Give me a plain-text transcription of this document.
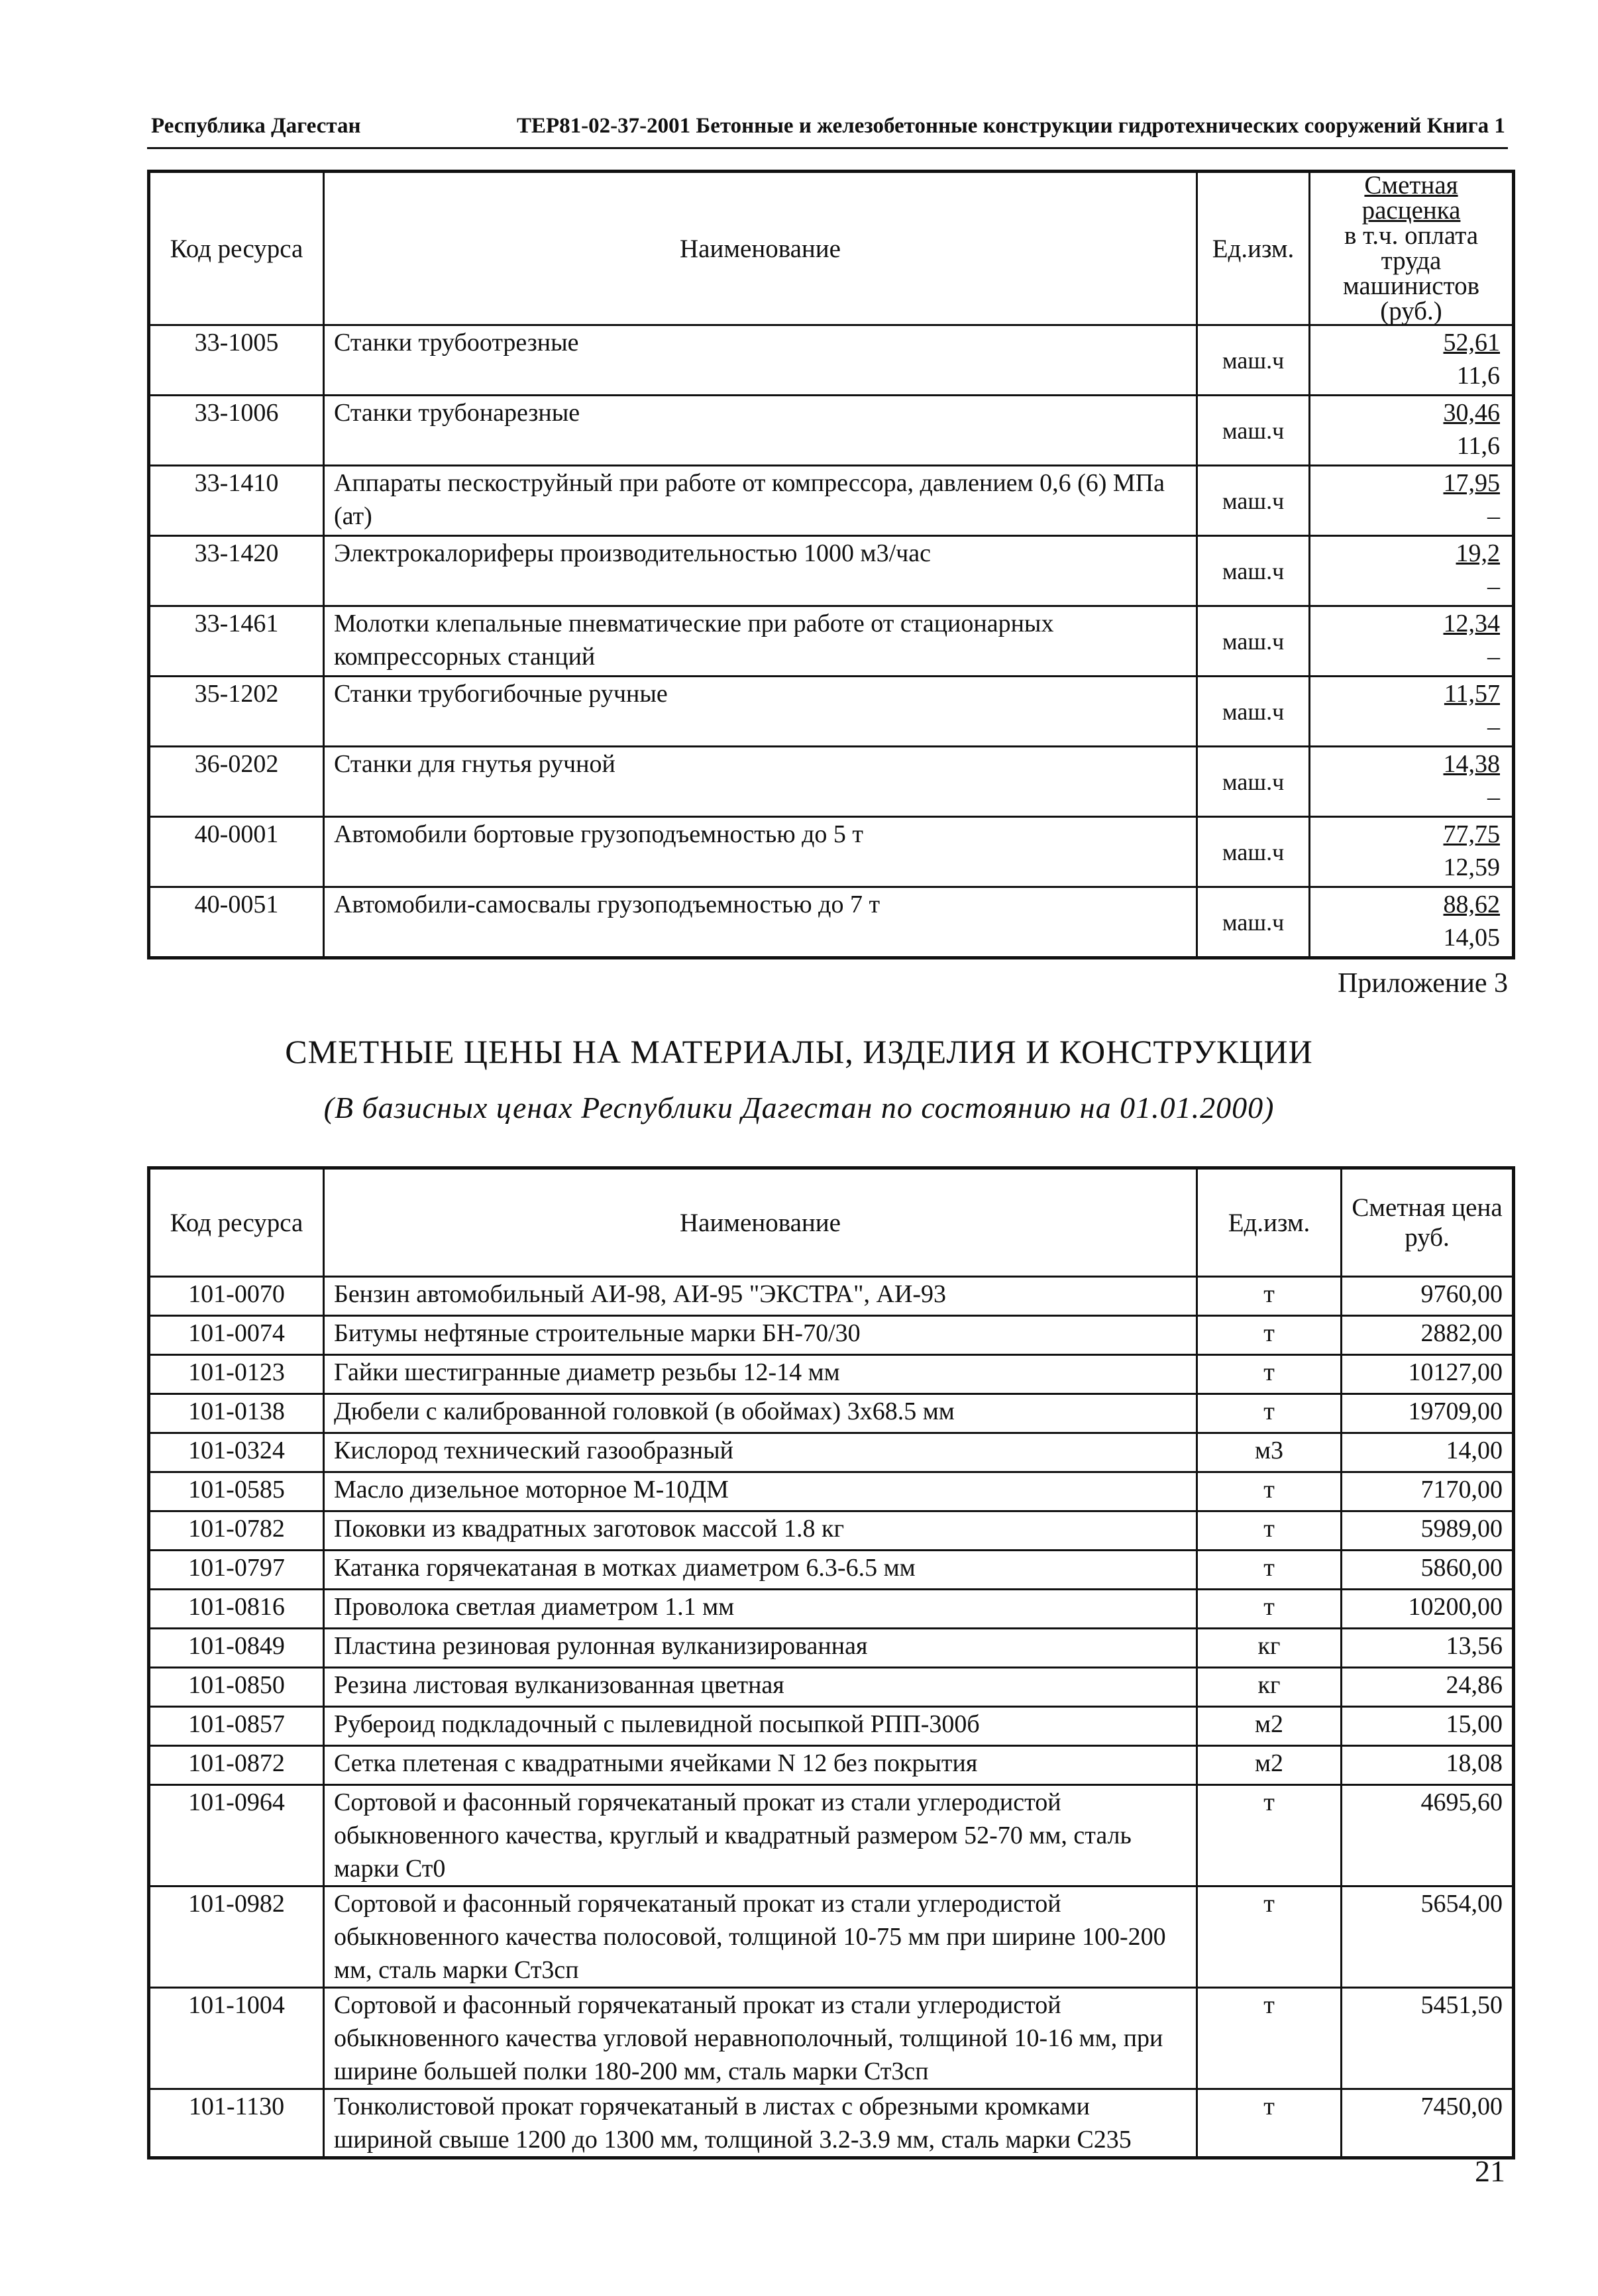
Республика Дагестан	ТЕР81-02-37-2001 Бетонные и железобетонные конструкции гидротехнических сооружений Книга 1
Код ресурса	Наименование	Ед.изм.	Сметная расценка
в т.ч. оплата труда
машинистов (руб.)

33-1005	Станки трубоотрезные	маш.ч	52,61
11,6

33-1006	Станки трубонарезные	маш.ч	30,46
11,6

33-1410	Аппараты пескоструйный при работе от компрессора, давлением 0,6 (6) МПа (ат)	маш.ч	17,95
–

33-1420	Электрокалориферы производительностью 1000 м3/час	маш.ч	19,2
–

33-1461	Молотки клепальные пневматические при работе от стационарных компрессорных станций	маш.ч	12,34
–

35-1202	Станки трубогибочные ручные	маш.ч	11,57
–

36-0202	Станки для гнутья ручной	маш.ч	14,38
–

40-0001	Автомобили бортовые грузоподъемностью до 5 т	маш.ч	77,75
12,59

40-0051	Автомобили-самосвалы грузоподъемностью до 7 т	маш.ч	88,62
14,05
Приложение 3
СМЕТНЫЕ ЦЕНЫ НА МАТЕРИАЛЫ, ИЗДЕЛИЯ И КОНСТРУКЦИИ
(В базисных ценах Республики Дагестан по состоянию на 01.01.2000)
Код ресурса	Наименование	Ед.изм.	Сметная цена
руб.

101-0070	Бензин автомобильный АИ-98, АИ-95 "ЭКСТРА", АИ-93	т	9760,00
101-0074	Битумы нефтяные строительные марки БН-70/30	т	2882,00
101-0123	Гайки шестигранные диаметр резьбы 12-14 мм	т	10127,00
101-0138	Дюбели с калиброванной головкой (в обоймах) 3х68.5 мм	т	19709,00
101-0324	Кислород технический газообразный	м3	14,00
101-0585	Масло дизельное моторное М-10ДМ	т	7170,00
101-0782	Поковки из квадратных заготовок массой 1.8 кг	т	5989,00
101-0797	Катанка горячекатаная в мотках диаметром 6.3-6.5 мм	т	5860,00
101-0816	Проволока светлая диаметром 1.1 мм	т	10200,00
101-0849	Пластина резиновая рулонная вулканизированная	кг	13,56
101-0850	Резина листовая вулканизованная цветная	кг	24,86
101-0857	Рубероид подкладочный с пылевидной посыпкой РПП-300б	м2	15,00
101-0872	Сетка плетеная с квадратными ячейками N 12 без покрытия	м2	18,08
101-0964	Сортовой и фасонный горячекатаный прокат из стали углеродистой обыкновенного качества, круглый и квадратный размером 52-70 мм, сталь марки Ст0	т	4695,60
101-0982	Сортовой и фасонный горячекатаный прокат из стали углеродистой обыкновенного качества полосовой, толщиной 10-75 мм при ширине 100-200 мм, сталь марки Ст3сп	т	5654,00
101-1004	Сортовой и фасонный горячекатаный прокат из стали углеродистой обыкновенного качества угловой неравнополочный, толщиной 10-16 мм, при ширине большей полки 180-200 мм, сталь марки Ст3сп	т	5451,50
101-1130	Тонколистовой прокат горячекатаный в листах с обрезными кромками шириной свыше 1200 до 1300 мм, толщиной 3.2-3.9 мм, сталь марки С235	т	7450,00
21
